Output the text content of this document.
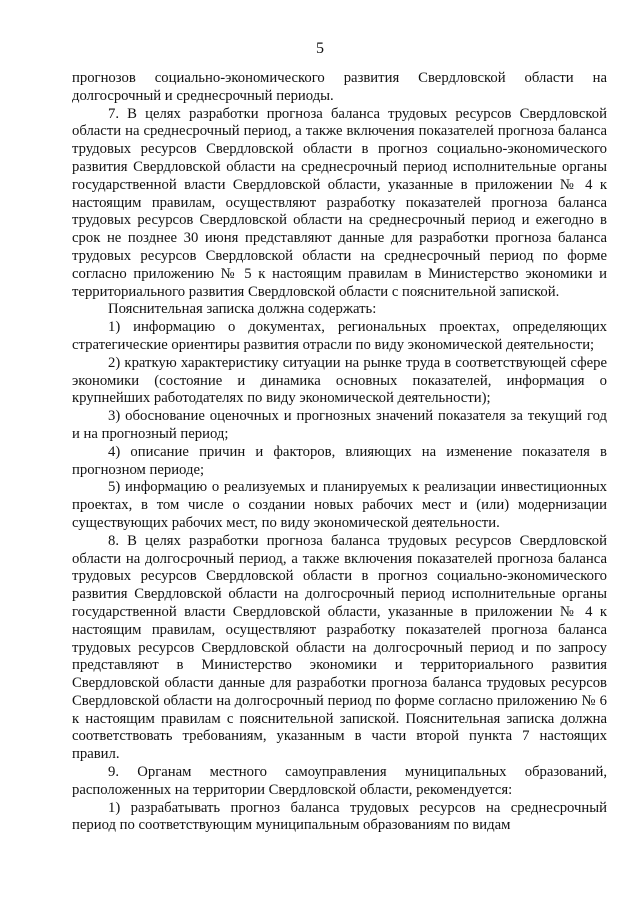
5

прогнозов социально-экономического развития Свердловской области на долгосрочный и среднесрочный периоды.

7. В целях разработки прогноза баланса трудовых ресурсов Свердловской области на среднесрочный период, а также включения показателей прогноза баланса трудовых ресурсов Свердловской области в прогноз социально-экономического развития Свердловской области на среднесрочный период исполнительные органы государственной власти Свердловской области, указанные в приложении № 4 к настоящим правилам, осуществляют разработку показателей прогноза баланса трудовых ресурсов Свердловской области на среднесрочный период и ежегодно в срок не позднее 30 июня представляют данные для разработки прогноза баланса трудовых ресурсов Свердловской области на среднесрочный период по форме согласно приложению № 5 к настоящим правилам в Министерство экономики и территориального развития Свердловской области с пояснительной запиской.

Пояснительная записка должна содержать:

1) информацию о документах, региональных проектах, определяющих стратегические ориентиры развития отрасли по виду экономической деятельности;

2) краткую характеристику ситуации на рынке труда в соответствующей сфере экономики (состояние и динамика основных показателей, информация о крупнейших работодателях по виду экономической деятельности);

3) обоснование оценочных и прогнозных значений показателя за текущий год и на прогнозный период;

4) описание причин и факторов, влияющих на изменение показателя в прогнозном периоде;

5) информацию о реализуемых и планируемых к реализации инвестиционных проектах, в том числе о создании новых рабочих мест и (или) модернизации существующих рабочих мест, по виду экономической деятельности.

8. В целях разработки прогноза баланса трудовых ресурсов Свердловской области на долгосрочный период, а также включения показателей прогноза баланса трудовых ресурсов Свердловской области в прогноз социально-экономического развития Свердловской области на долгосрочный период исполнительные органы государственной власти Свердловской области, указанные в приложении № 4 к настоящим правилам, осуществляют разработку показателей прогноза баланса трудовых ресурсов Свердловской области на долгосрочный период и по запросу представляют в Министерство экономики и территориального развития Свердловской области данные для разработки прогноза баланса трудовых ресурсов Свердловской области на долгосрочный период по форме согласно приложению № 6 к настоящим правилам с пояснительной запиской. Пояснительная записка должна соответствовать требованиям, указанным в части второй пункта 7 настоящих правил.

9. Органам местного самоуправления муниципальных образований, расположенных на территории Свердловской области, рекомендуется:

1) разрабатывать прогноз баланса трудовых ресурсов на среднесрочный период по соответствующим муниципальным образованиям по видам
